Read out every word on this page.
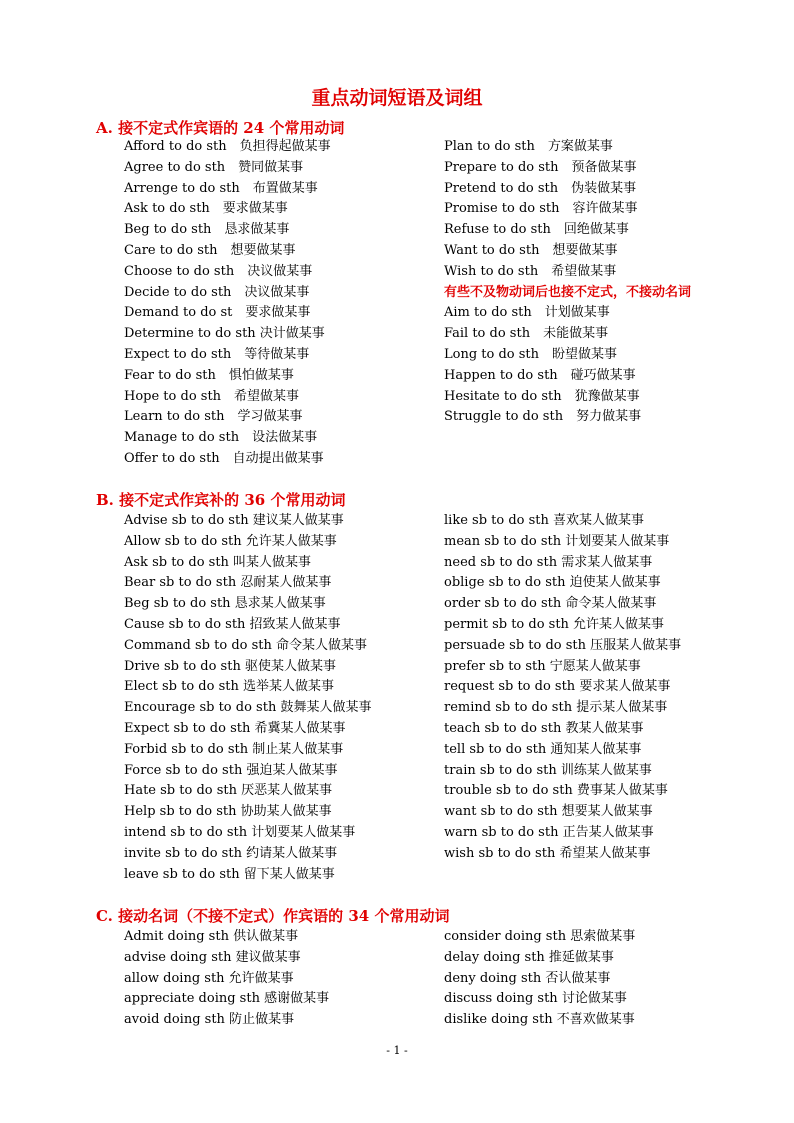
重点动词短语及词组
A. 接不定式作宾语的 24 个常用动词
Afford to do sth　负担得起做某事
Agree to do sth　赞同做某事
Arrenge to do sth　布置做某事
Ask to do sth　要求做某事
Beg to do sth　恳求做某事
Care to do sth　想要做某事
Choose to do sth　决议做某事
Decide to do sth　决议做某事
Demand to do st　要求做某事
Determine to do sth 决计做某事
Expect to do sth　等待做某事
Fear to do sth　惧怕做某事
Hope to do sth　希望做某事
Learn to do sth　学习做某事
Manage to do sth　设法做某事
Offer to do sth　自动提出做某事
Plan to do sth　方案做某事
Prepare to do sth　预备做某事
Pretend to do sth　伪装做某事
Promise to do sth　容许做某事
Refuse to do sth　回绝做某事
Want to do sth　想要做某事
Wish to do sth　希望做某事
有些不及物动词后也接不定式，不接动名词
Aim to do sth　计划做某事
Fail to do sth　未能做某事
Long to do sth　盼望做某事
Happen to do sth　碰巧做某事
Hesitate to do sth　犹豫做某事
Struggle to do sth　努力做某事
B. 接不定式作宾补的 36 个常用动词
Advise sb to do sth 建议某人做某事
Allow sb to do sth 允许某人做某事
Ask sb to do sth 叫某人做某事
Bear sb to do sth 忍耐某人做某事
Beg sb to do sth 恳求某人做某事
Cause sb to do sth 招致某人做某事
Command sb to do sth 命令某人做某事
Drive sb to do sth 驱使某人做某事
Elect sb to do sth 选举某人做某事
Encourage sb to do sth 鼓舞某人做某事
Expect sb to do sth 希冀某人做某事
Forbid sb to do sth 制止某人做某事
Force sb to do sth 强迫某人做某事
Hate sb to do sth 厌恶某人做某事
Help sb to do sth 协助某人做某事
intend sb to do sth 计划要某人做某事
invite sb to do sth 约请某人做某事
leave sb to do sth 留下某人做某事
like sb to do sth 喜欢某人做某事
mean sb to do sth 计划要某人做某事
need sb to do sth 需求某人做某事
oblige sb to do sth 迫使某人做某事
order sb to do sth 命令某人做某事
permit sb to do sth 允许某人做某事
persuade sb to do sth 压服某人做某事
prefer sb to sth 宁愿某人做某事
request sb to do sth 要求某人做某事
remind sb to do sth 提示某人做某事
teach sb to do sth 教某人做某事
tell sb to do sth 通知某人做某事
train sb to do sth 训练某人做某事
trouble sb to do sth 费事某人做某事
want sb to do sth 想要某人做某事
warn sb to do sth 正告某人做某事
wish sb to do sth 希望某人做某事
C. 接动名词（不接不定式）作宾语的 34 个常用动词
Admit doing sth 供认做某事
advise doing sth 建议做某事
allow doing sth 允许做某事
appreciate doing sth 感谢做某事
avoid doing sth 防止做某事
consider doing sth 思索做某事
delay doing sth 推延做某事
deny doing sth 否认做某事
discuss doing sth 讨论做某事
dislike doing sth 不喜欢做某事
- 1 -
